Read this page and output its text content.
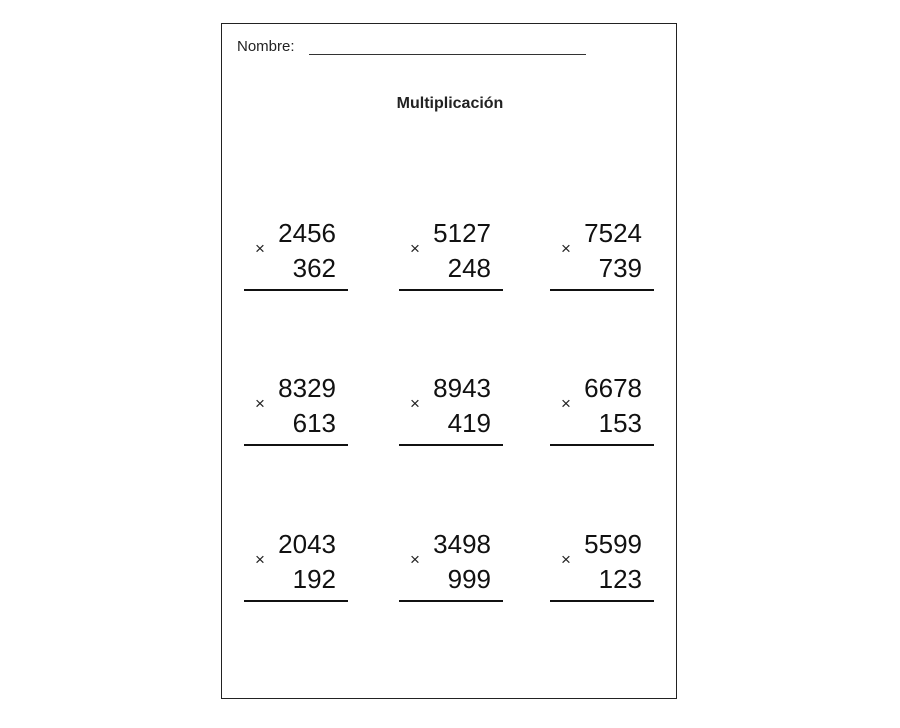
Nombre:
Multiplicación
×
2456
362
×
5127
248
×
7524
739
×
8329
613
×
8943
419
×
6678
153
×
2043
192
×
3498
999
×
5599
123
